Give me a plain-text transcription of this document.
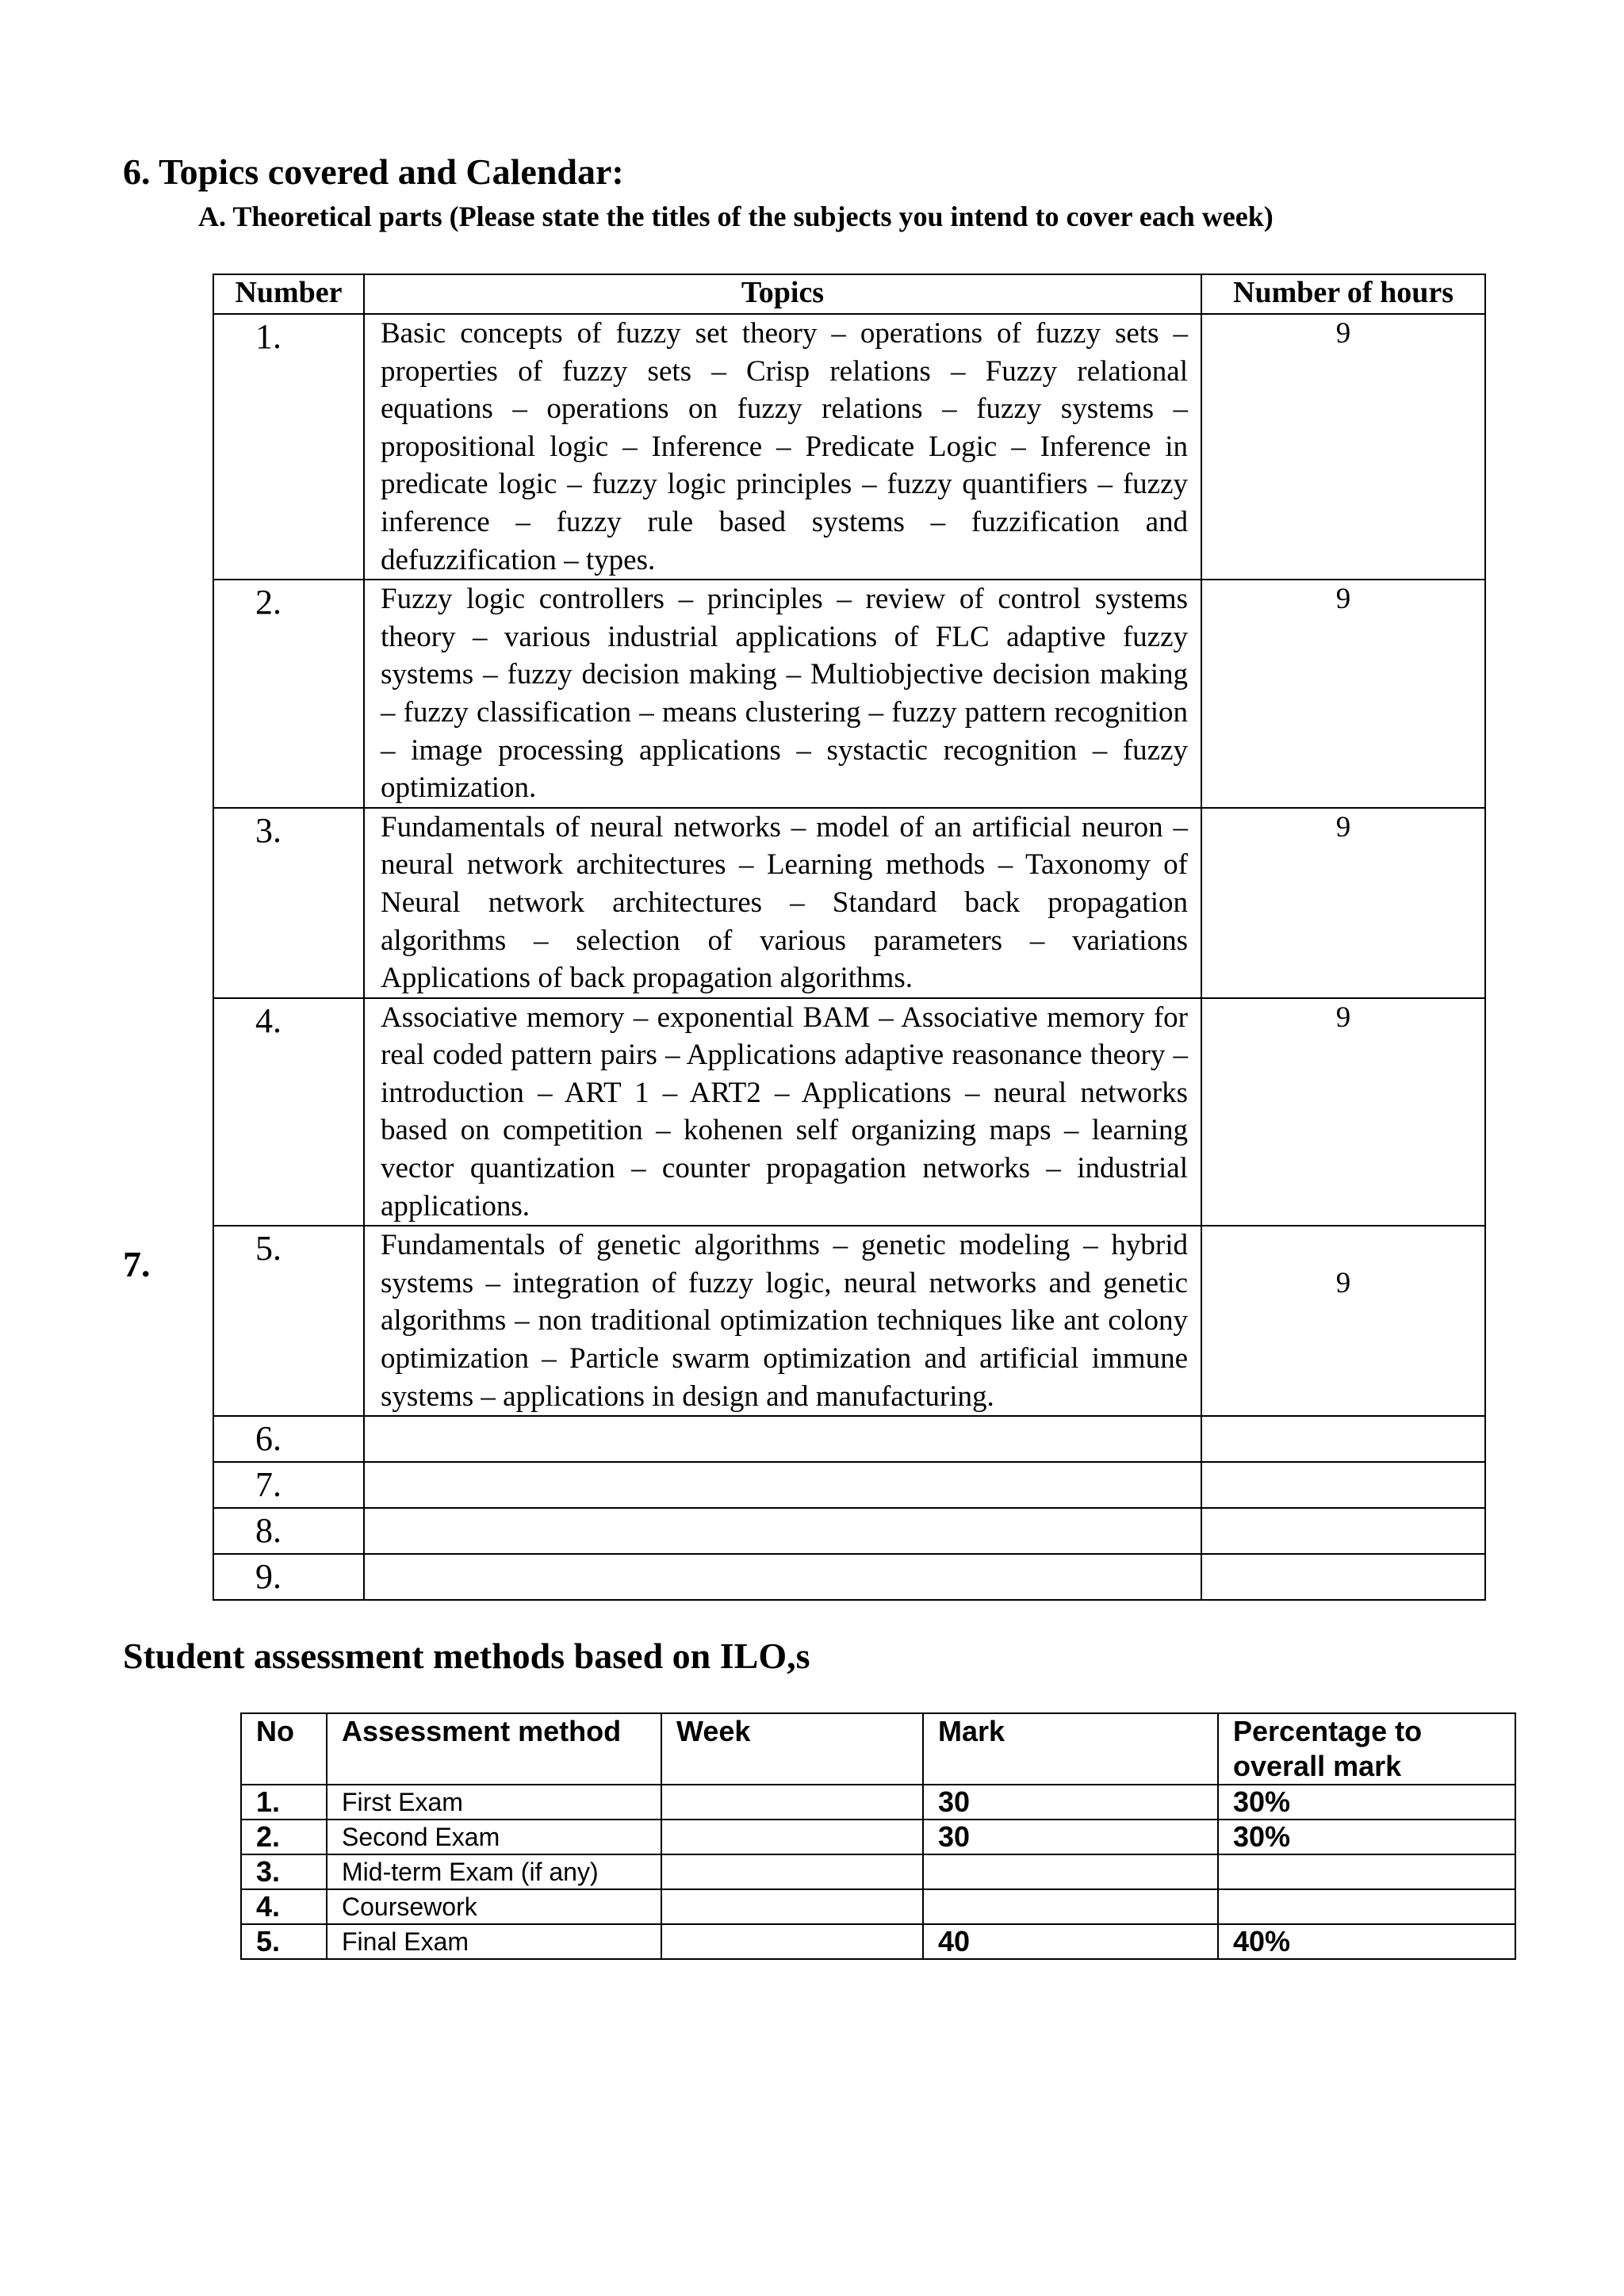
6. Topics covered and Calendar:
A. Theoretical parts (Please state the titles of the subjects you intend to cover each week)
Number	Topics	Number of hours
1.	Basic concepts of fuzzy set theory – operations of fuzzy sets – properties of fuzzy sets – Crisp relations – Fuzzy relational equations – operations on fuzzy relations – fuzzy systems – propositional logic – Inference – Predicate Logic – Inference in predicate logic – fuzzy logic principles – fuzzy quantifiers – fuzzy inference – fuzzy rule based systems – fuzzification and defuzzification – types.	9
2.	Fuzzy logic controllers – principles – review of control systems theory – various industrial applications of FLC adaptive fuzzy systems – fuzzy decision making – Multiobjective decision making – fuzzy classification – means clustering – fuzzy pattern recognition – image processing applications – systactic recognition – fuzzy optimization.	9
3.	Fundamentals of neural networks – model of an artificial neuron – neural network architectures – Learning methods – Taxonomy of Neural network architectures – Standard back propagation algorithms – selection of various parameters – variations Applications of back propagation algorithms.	9
4.	Associative memory – exponential BAM – Associative memory for real coded pattern pairs – Applications adaptive reasonance theory – introduction – ART 1 – ART2 – Applications – neural networks based on competition – kohenen self organizing maps – learning vector quantization – counter propagation networks – industrial applications.	9
5.	Fundamentals of genetic algorithms – genetic modeling – hybrid systems – integration of fuzzy logic, neural networks and genetic algorithms – non traditional optimization techniques like ant colony optimization – Particle swarm optimization and artificial immune systems – applications in design and manufacturing.	9
6.		
7.		
8.		
9.		
7.
Student assessment methods based on ILO,s
No	Assessment method	Week	Mark	Percentage to overall mark
1.	First Exam		30	30%
2.	Second Exam		30	30%
3.	Mid-term Exam (if any)			
4.	Coursework			
5.	Final Exam		40	40%
